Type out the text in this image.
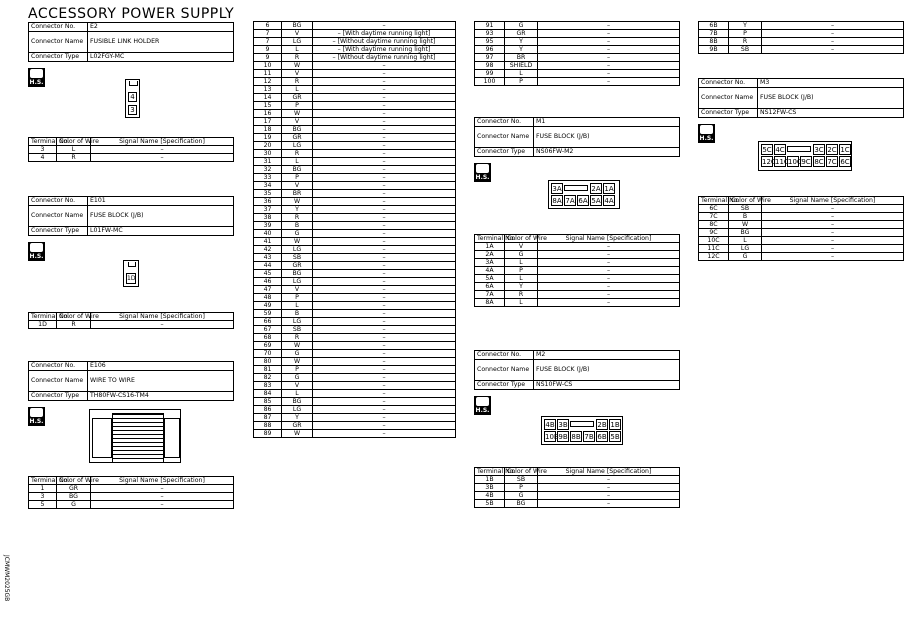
ACCESSORY POWER SUPPLY
Connector No.	E2
Connector Name	FUSIBLE LINK HOLDER
Connector Type	L02FGY-MC
H.S.
4
3
Terminal No.	Color of Wire	Signal Name [Specification]
3	L	–
4	R	–
Connector No.	E101
Connector Name	FUSE BLOCK (J/B)
Connector Type	L01FW-MC
H.S.
1D
Terminal No.	Color of Wire	Signal Name [Specification]
1D	R	–
Connector No.	E106
Connector Name	WIRE TO WIRE
Connector Type	TH80FW-CS16-TM4
H.S.
Terminal No.	Color of Wire	Signal Name [Specification]
1	GR	–
3	BG	–
5	G	–
6	BG	–
7	V	– [With daytime running light]
7	LG	– [Without daytime running light]
9	L	– [With daytime running light]
9	R	– [Without daytime running light]
10	W	–
11	V	–
12	R	–
13	L	–
14	GR	–
15	P	–
16	W	–
17	V	–
18	BG	–
19	GR	–
20	LG	–
30	R	–
31	L	–
32	BG	–
33	P	–
34	V	–
35	BR	–
36	W	–
37	Y	–
38	R	–
39	B	–
40	G	–
41	W	–
42	LG	–
43	SB	–
44	GR	–
45	BG	–
46	LG	–
47	V	–
48	P	–
49	L	–
59	B	–
66	LG	–
67	SB	–
68	R	–
69	W	–
70	G	–
80	W	–
81	P	–
82	G	–
83	V	–
84	L	–
85	BG	–
86	LG	–
87	Y	–
88	GR	–
89	W	–
91	G	–
93	GR	–
95	Y	–
96	Y	–
97	BR	–
98	SHIELD	–
99	L	–
100	P	–
Connector No.	M1
Connector Name	FUSE BLOCK (J/B)
Connector Type	NS06FW-M2
H.S.
3A	2A 1A
8A 7A 6A 5A 4A
Terminal No.	Color of Wire	Signal Name [Specification]
1A	V	–
2A	G	–
3A	L	–
4A	P	–
5A	L	–
6A	Y	–
7A	R	–
8A	L	–
Connector No.	M2
Connector Name	FUSE BLOCK (J/B)
Connector Type	NS10FW-CS
H.S.
4B 3B	2B 1B
10B 9B 8B 7B 6B 5B
Terminal No.	Color of Wire	Signal Name [Specification]
1B	SB	–
3B	P	–
4B	G	–
5B	BG	–
6B	Y	–
7B	P	–
8B	R	–
9B	SB	–
Connector No.	M3
Connector Name	FUSE BLOCK (J/B)
Connector Type	NS12FW-CS
H.S.
5C 4C	3C 2C 1C
12C 11C 10C 9C 8C 7C 6C
Terminal No.	Color of Wire	Signal Name [Specification]
6C	SB	–
7C	B	–
8C	W	–
9C	BG	–
10C	L	–
11C	LG	–
12C	G	–
JCMWM2025GB
